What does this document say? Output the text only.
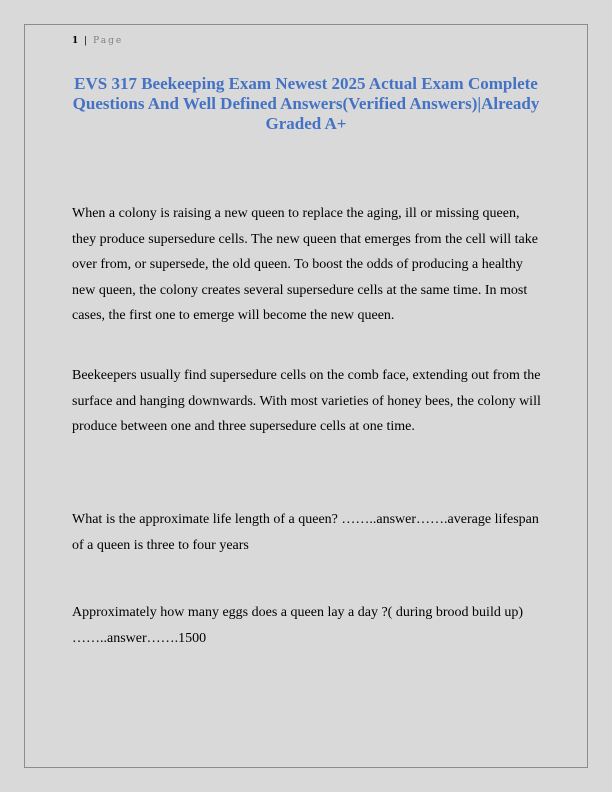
1 | Page
EVS 317 Beekeeping Exam Newest 2025 Actual Exam Complete Questions And Well Defined Answers(Verified Answers)|Already Graded A+

When a colony is raising a new queen to replace the aging, ill or missing queen, they produce supersedure cells. The new queen that emerges from the cell will take over from, or supersede, the old queen. To boost the odds of producing a healthy new queen, the colony creates several supersedure cells at the same time. In most cases, the first one to emerge will become the new queen.

Beekeepers usually find supersedure cells on the comb face, extending out from the surface and hanging downwards. With most varieties of honey bees, the colony will produce between one and three supersedure cells at one time.

What is the approximate life length of a queen? ……..answer…….average lifespan of a queen is three to four years

Approximately how many eggs does a queen lay a day ?( during brood build up) ……..answer…….1500
